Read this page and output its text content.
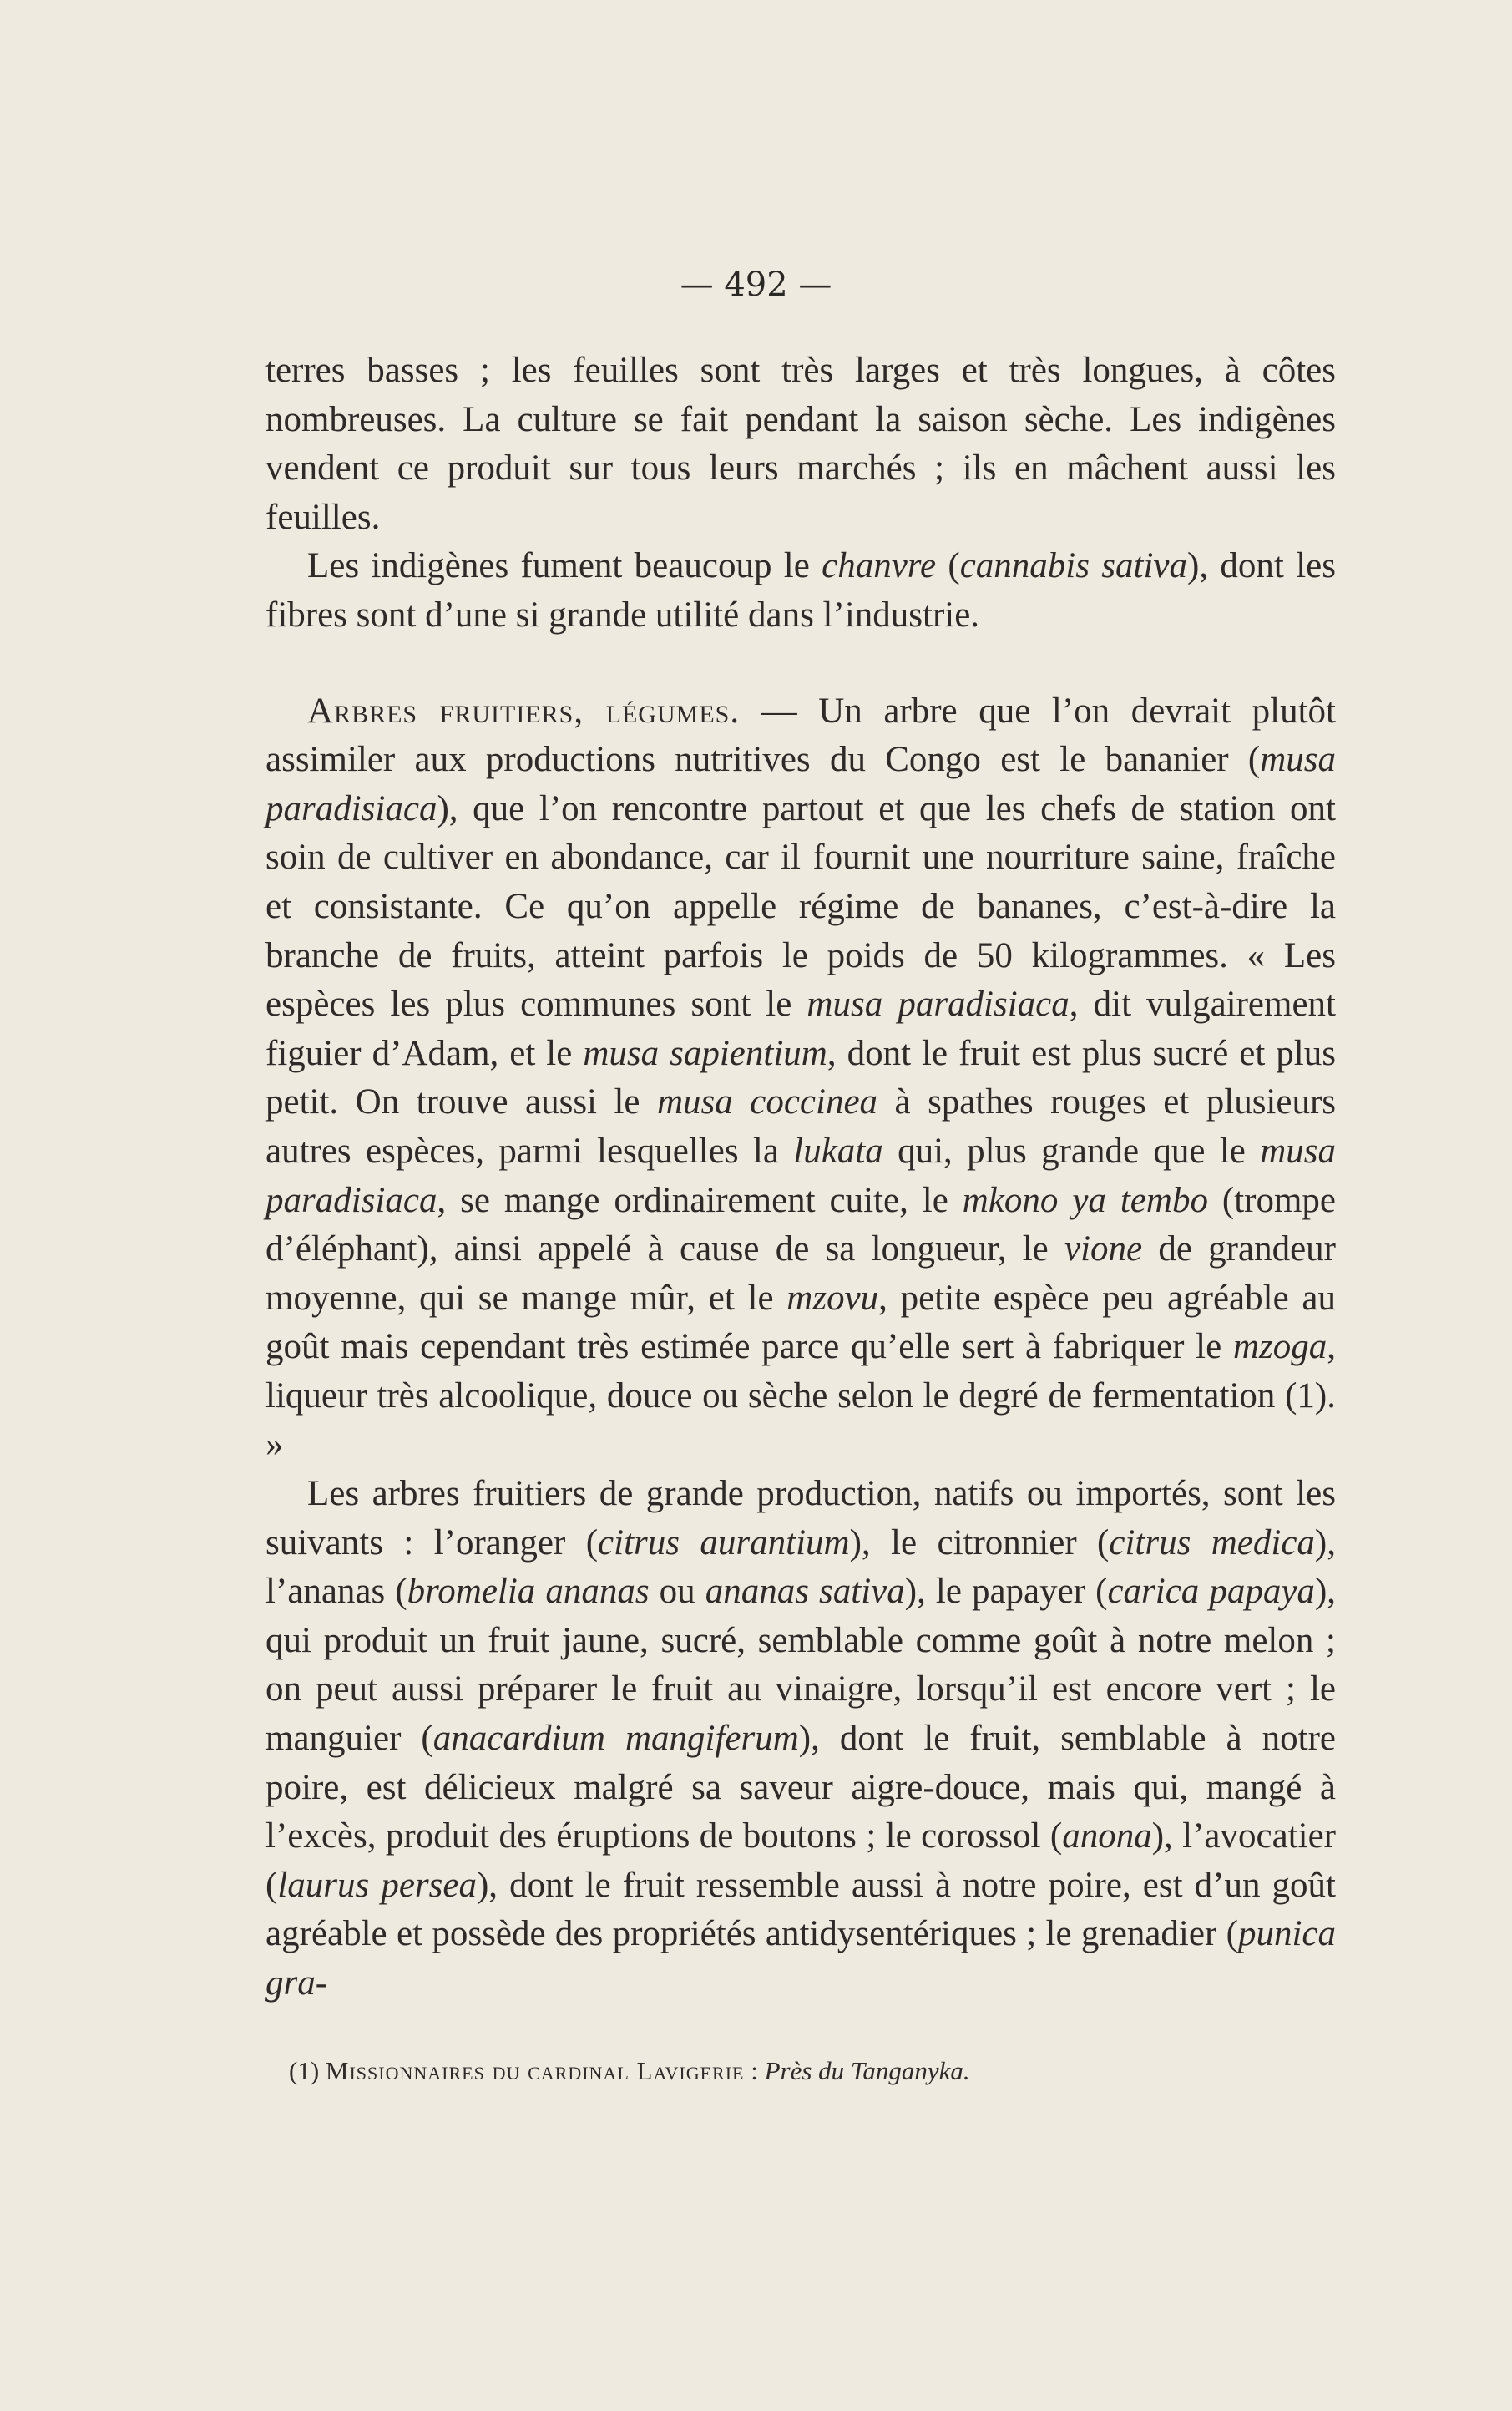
— 492 —

terres basses ; les feuilles sont très larges et très longues, à côtes nombreuses. La culture se fait pendant la saison sèche. Les indigènes vendent ce produit sur tous leurs marchés ; ils en mâchent aussi les feuilles.

Les indigènes fument beaucoup le chanvre (cannabis sativa), dont les fibres sont d’une si grande utilité dans l’industrie.

Arbres fruitiers, légumes. — Un arbre que l’on devrait plutôt assimiler aux productions nutritives du Congo est le bananier (musa paradisiaca), que l’on rencontre partout et que les chefs de station ont soin de cultiver en abondance, car il fournit une nourriture saine, fraîche et consistante. Ce qu’on appelle régime de bananes, c’est-à-dire la branche de fruits, atteint parfois le poids de 50 kilogrammes. « Les espèces les plus communes sont le musa paradisiaca, dit vulgairement figuier d’Adam, et le musa sapientium, dont le fruit est plus sucré et plus petit. On trouve aussi le musa coccinea à spathes rouges et plusieurs autres espèces, parmi lesquelles la lukata qui, plus grande que le musa paradisiaca, se mange ordinairement cuite, le mkono ya tembo (trompe d’éléphant), ainsi appelé à cause de sa longueur, le vione de grandeur moyenne, qui se mange mûr, et le mzovu, petite espèce peu agréable au goût mais cependant très estimée parce qu’elle sert à fabriquer le mzoga, liqueur très alcoolique, douce ou sèche selon le degré de fermentation (1). »

Les arbres fruitiers de grande production, natifs ou importés, sont les suivants : l’oranger (citrus aurantium), le citronnier (citrus medica), l’ananas (bromelia ananas ou ananas sativa), le papayer (carica papaya), qui produit un fruit jaune, sucré, semblable comme goût à notre melon ; on peut aussi préparer le fruit au vinaigre, lorsqu’il est encore vert ; le manguier (anacardium mangiferum), dont le fruit, semblable à notre poire, est délicieux malgré sa saveur aigre-douce, mais qui, mangé à l’excès, produit des éruptions de boutons ; le corossol (anona), l’avocatier (laurus persea), dont le fruit ressemble aussi à notre poire, est d’un goût agréable et possède des propriétés antidysentériques ; le grenadier (punica gra-

(1) Missionnaires du cardinal Lavigerie : Près du Tanganyka.
